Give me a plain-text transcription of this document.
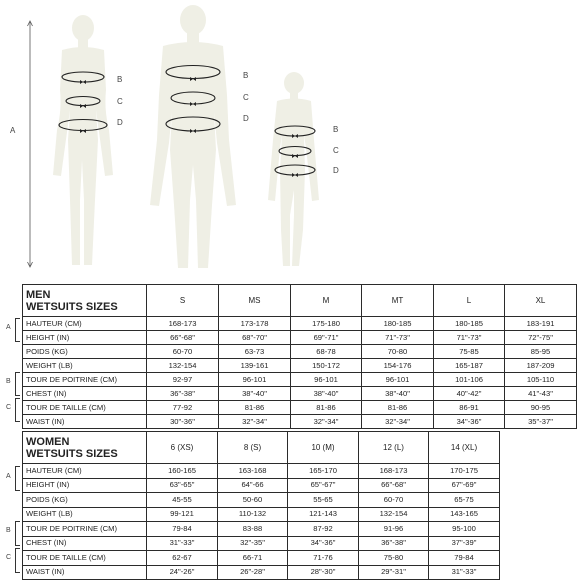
A
B
C
D
B
C
D
B
C
D
MEN
WETSUITS SIZES	S	MS	M	MT	L	XL
HAUTEUR (CM)	168-173	173-178	175-180	180-185	180-185	183-191
HEIGHT (IN)	66"-68"	68"-70"	69"-71"	71"-73"	71"-73"	72"-75"
POIDS (KG)	60-70	63-73	68-78	70-80	75-85	85-95
WEIGHT (LB)	132-154	139-161	150-172	154-176	165-187	187-209
TOUR DE POITRINE (CM)	92-97	96-101	96-101	96-101	101-106	105-110
CHEST (IN)	36"-38"	38"-40"	38"-40"	38"-40"	40"-42"	41"-43"
TOUR DE TAILLE (CM)	77-92	81-86	81-86	81-86	86-91	90-95
WAIST (IN)	30"-36"	32"-34"	32"-34"	32"-34"	34"-36"	35"-37"
A
B
C
WOMEN
WETSUITS SIZES	6 (XS)	8 (S)	10 (M)	12 (L)	14 (XL)
HAUTEUR (CM)	160-165	163-168	165-170	168-173	170-175
HEIGHT (IN)	63"-65"	64"-66	65"-67"	66"-68"	67"-69"
POIDS (KG)	45-55	50-60	55-65	60-70	65-75
WEIGHT (LB)	99-121	110-132	121-143	132-154	143-165
TOUR DE POITRINE (CM)	79-84	83-88	87-92	91-96	95-100
CHEST (IN)	31"-33"	32"-35"	34"-36"	36"-38"	37"-39"
TOUR DE TAILLE (CM)	62-67	66-71	71-76	75-80	79-84
WAIST (IN)	24"-26"	26"-28"	28"-30"	29"-31"	31"-33"
A
B
C
